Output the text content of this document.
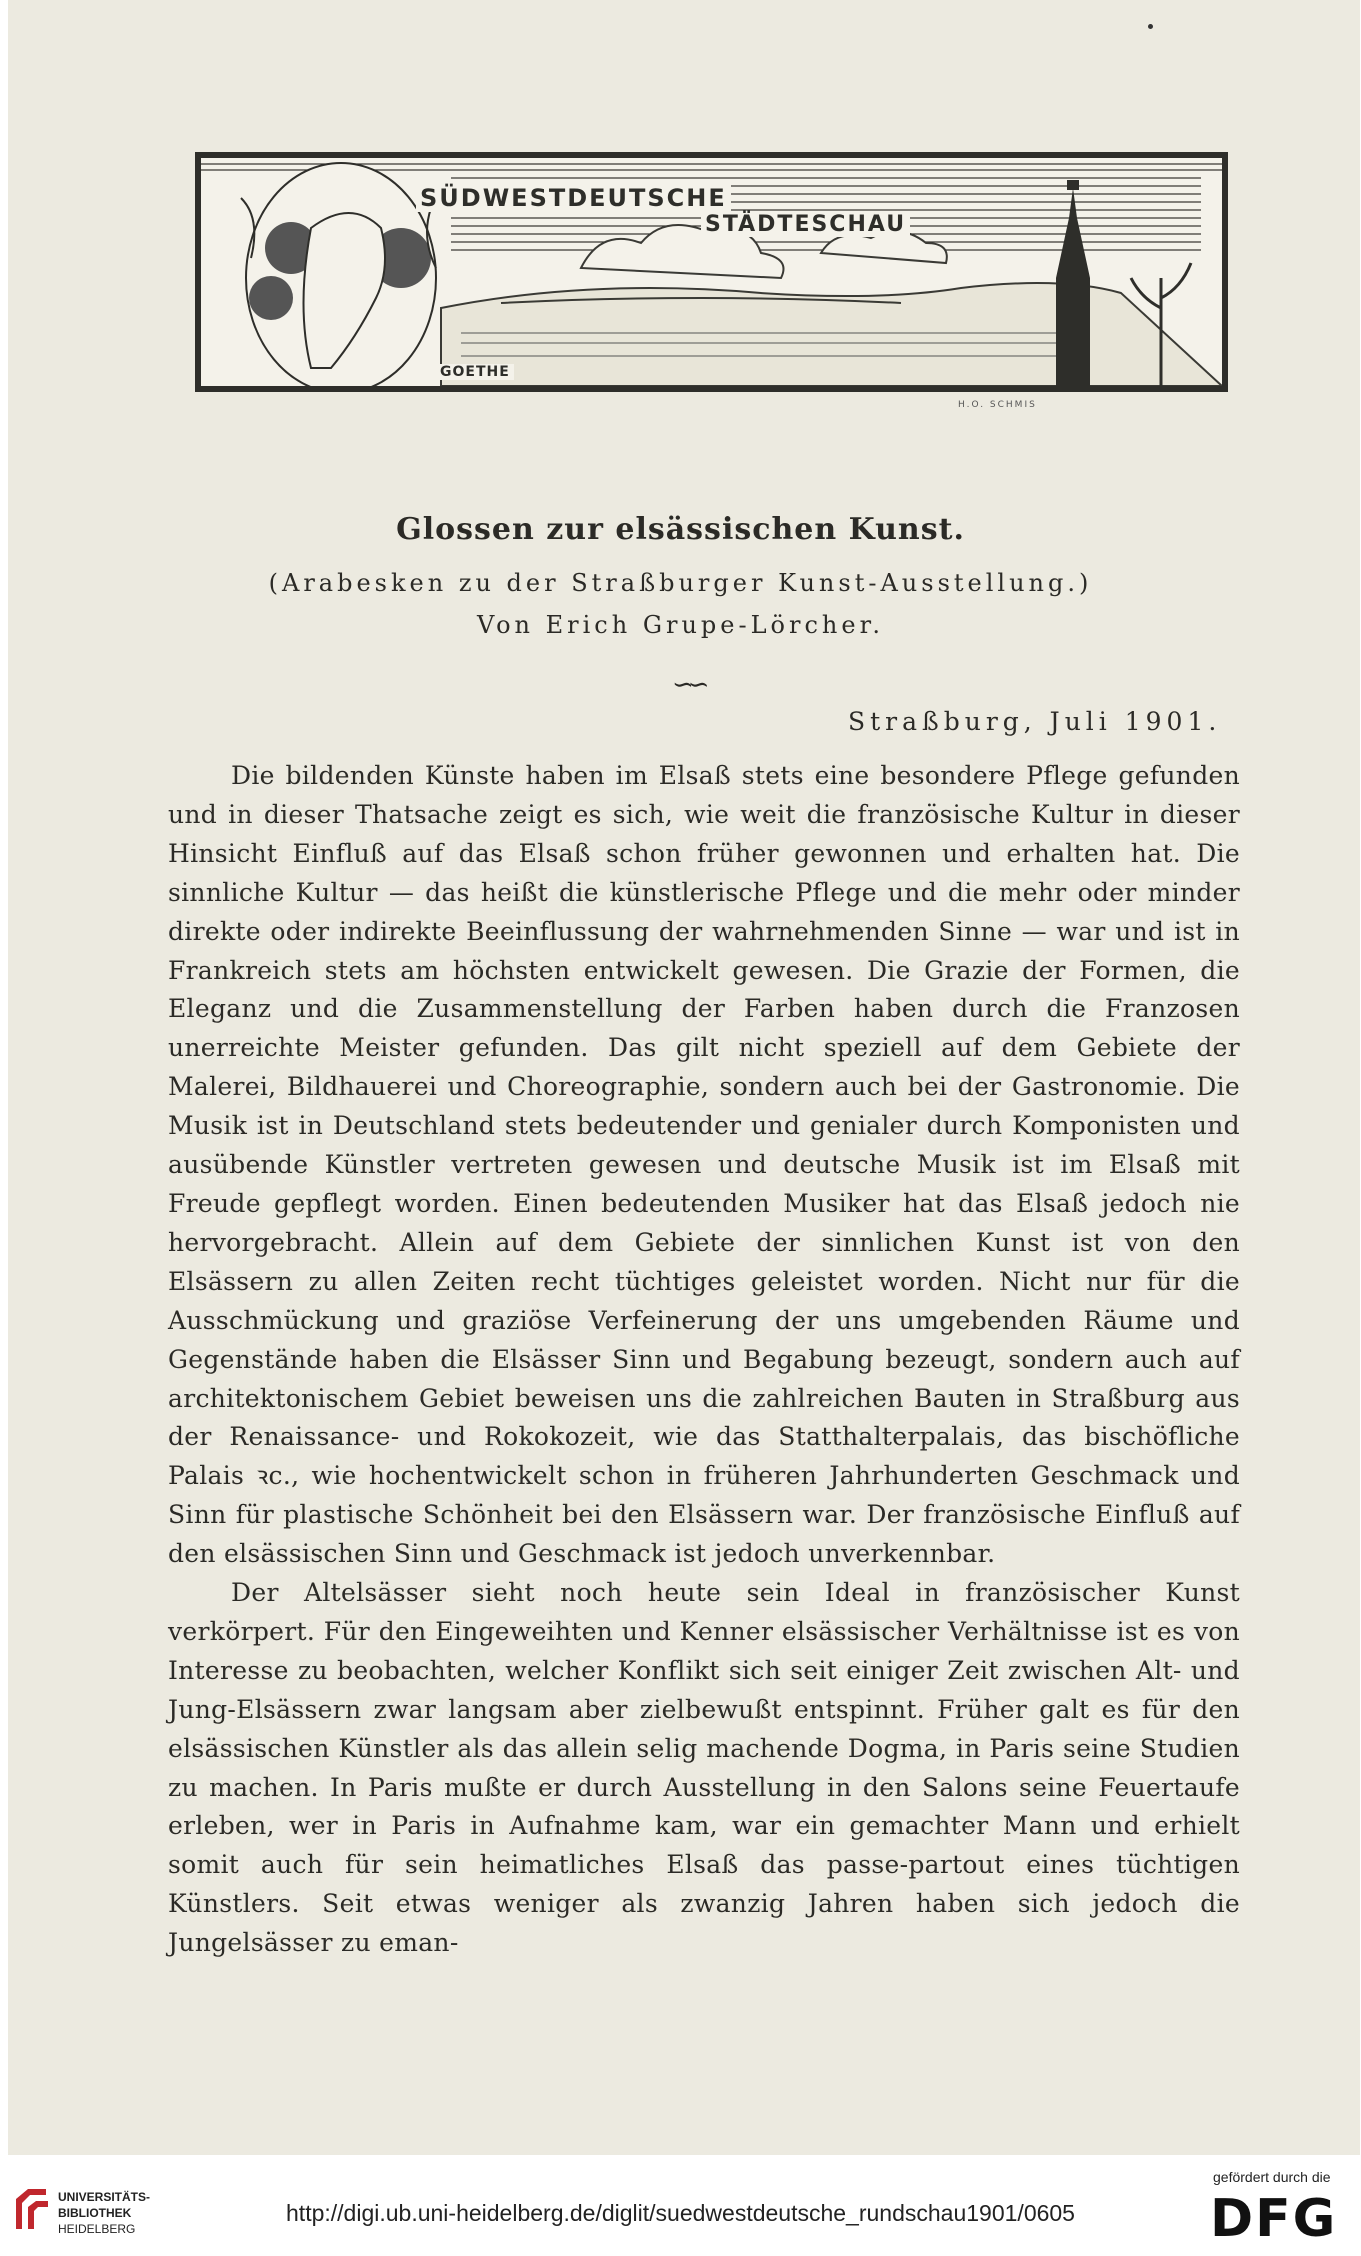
SÜDWESTDEUTSCHE
STÄDTESCHAU
GOETHE
H.O. SCHMIS
Glossen zur elsässischen Kunst.
(Arabesken zu der Straßburger Kunst-Ausstellung.)
Von Erich Grupe-Lörcher.
∽∽
Straßburg, Juli 1901.

Die bildenden Künste haben im Elsaß stets eine besondere Pflege gefunden und in dieser Thatsache zeigt es sich, wie weit die französische Kultur in dieser Hinsicht Einfluß auf das Elsaß schon früher gewonnen und erhalten hat. Die sinnliche Kultur — das heißt die künstlerische Pflege und die mehr oder minder direkte oder indirekte Beeinflussung der wahrnehmenden Sinne — war und ist in Frankreich stets am höchsten entwickelt gewesen. Die Grazie der Formen, die Eleganz und die Zusammenstellung der Farben haben durch die Franzosen unerreichte Meister gefunden. Das gilt nicht speziell auf dem Gebiete der Malerei, Bildhauerei und Choreographie, sondern auch bei der Gastronomie. Die Musik ist in Deutschland stets bedeutender und genialer durch Komponisten und ausübende Künstler vertreten gewesen und deutsche Musik ist im Elsaß mit Freude gepflegt worden. Einen bedeutenden Musiker hat das Elsaß jedoch nie hervorgebracht. Allein auf dem Gebiete der sinnlichen Kunst ist von den Elsässern zu allen Zeiten recht tüchtiges geleistet worden. Nicht nur für die Ausschmückung und graziöse Verfeinerung der uns umgebenden Räume und Gegenstände haben die Elsässer Sinn und Begabung bezeugt, sondern auch auf architektonischem Gebiet beweisen uns die zahlreichen Bauten in Straßburg aus der Renaissance- und Rokokozeit, wie das Statthalterpalais, das bischöfliche Palais ꝛc., wie hochentwickelt schon in früheren Jahrhunderten Geschmack und Sinn für plastische Schönheit bei den Elsässern war. Der französische Einfluß auf den elsässischen Sinn und Geschmack ist jedoch unverkennbar.

Der Altelsässer sieht noch heute sein Ideal in französischer Kunst verkörpert. Für den Eingeweihten und Kenner elsässischer Verhältnisse ist es von Interesse zu beobachten, welcher Konflikt sich seit einiger Zeit zwischen Alt- und Jung-Elsässern zwar langsam aber zielbewußt entspinnt. Früher galt es für den elsässischen Künstler als das allein selig machende Dogma, in Paris seine Studien zu machen. In Paris mußte er durch Ausstellung in den Salons seine Feuertaufe erleben, wer in Paris in Aufnahme kam, war ein gemachter Mann und erhielt somit auch für sein heimatliches Elsaß das passe-partout eines tüchtigen Künstlers. Seit etwas weniger als zwanzig Jahren haben sich jedoch die Jungelsässer zu eman-

UNIVERSITÄTS-
BIBLIOTHEK
HEIDELBERG
http://digi.ub.uni-heidelberg.de/diglit/suedwestdeutsche_rundschau1901/0605
gefördert durch die
DFG
